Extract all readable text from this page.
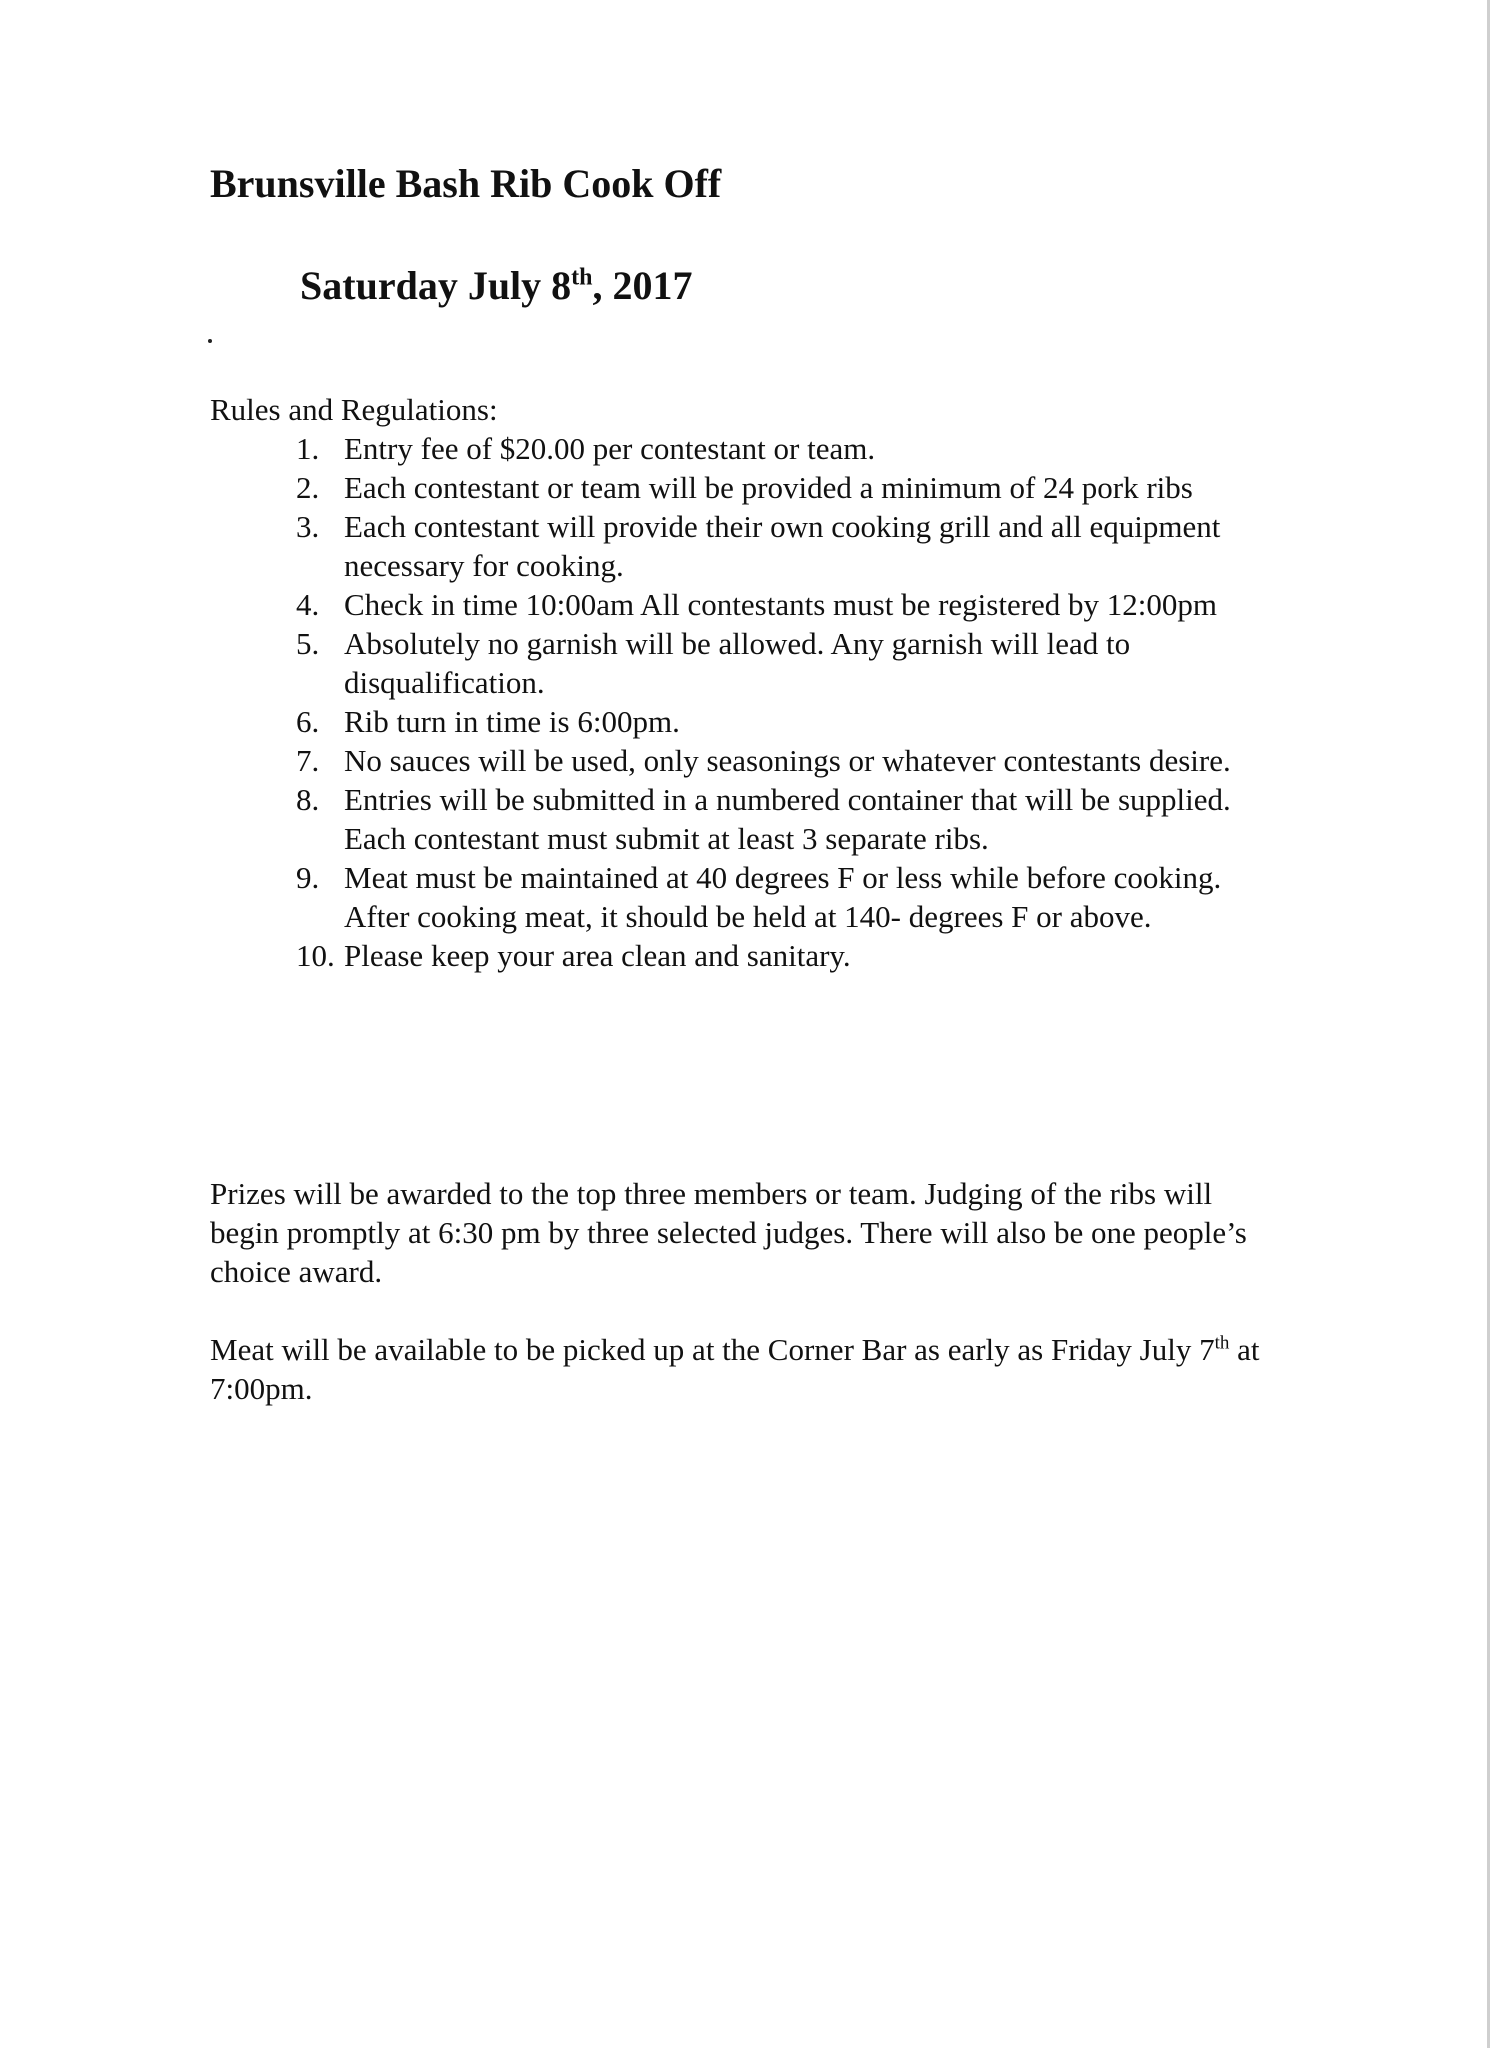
Brunsville Bash Rib Cook Off
Saturday July 8th, 2017

Rules and Regulations:

1. Entry fee of $20.00 per contestant or team.
2. Each contestant or team will be provided a minimum of 24 pork ribs
3. Each contestant will provide their own cooking grill and all equipment necessary for cooking.
4. Check in time 10:00am All contestants must be registered by 12:00pm
5. Absolutely no garnish will be allowed. Any garnish will lead to disqualification.
6. Rib turn in time is 6:00pm.
7. No sauces will be used, only seasonings or whatever contestants desire.
8. Entries will be submitted in a numbered container that will be supplied. Each contestant must submit at least 3 separate ribs.
9. Meat must be maintained at 40 degrees F or less while before cooking. After cooking meat, it should be held at 140- degrees F or above.
10. Please keep your area clean and sanitary.

Prizes will be awarded to the top three members or team. Judging of the ribs will begin promptly at 6:30 pm by three selected judges. There will also be one people’s choice award.

Meat will be available to be picked up at the Corner Bar as early as Friday July 7th at 7:00pm.
